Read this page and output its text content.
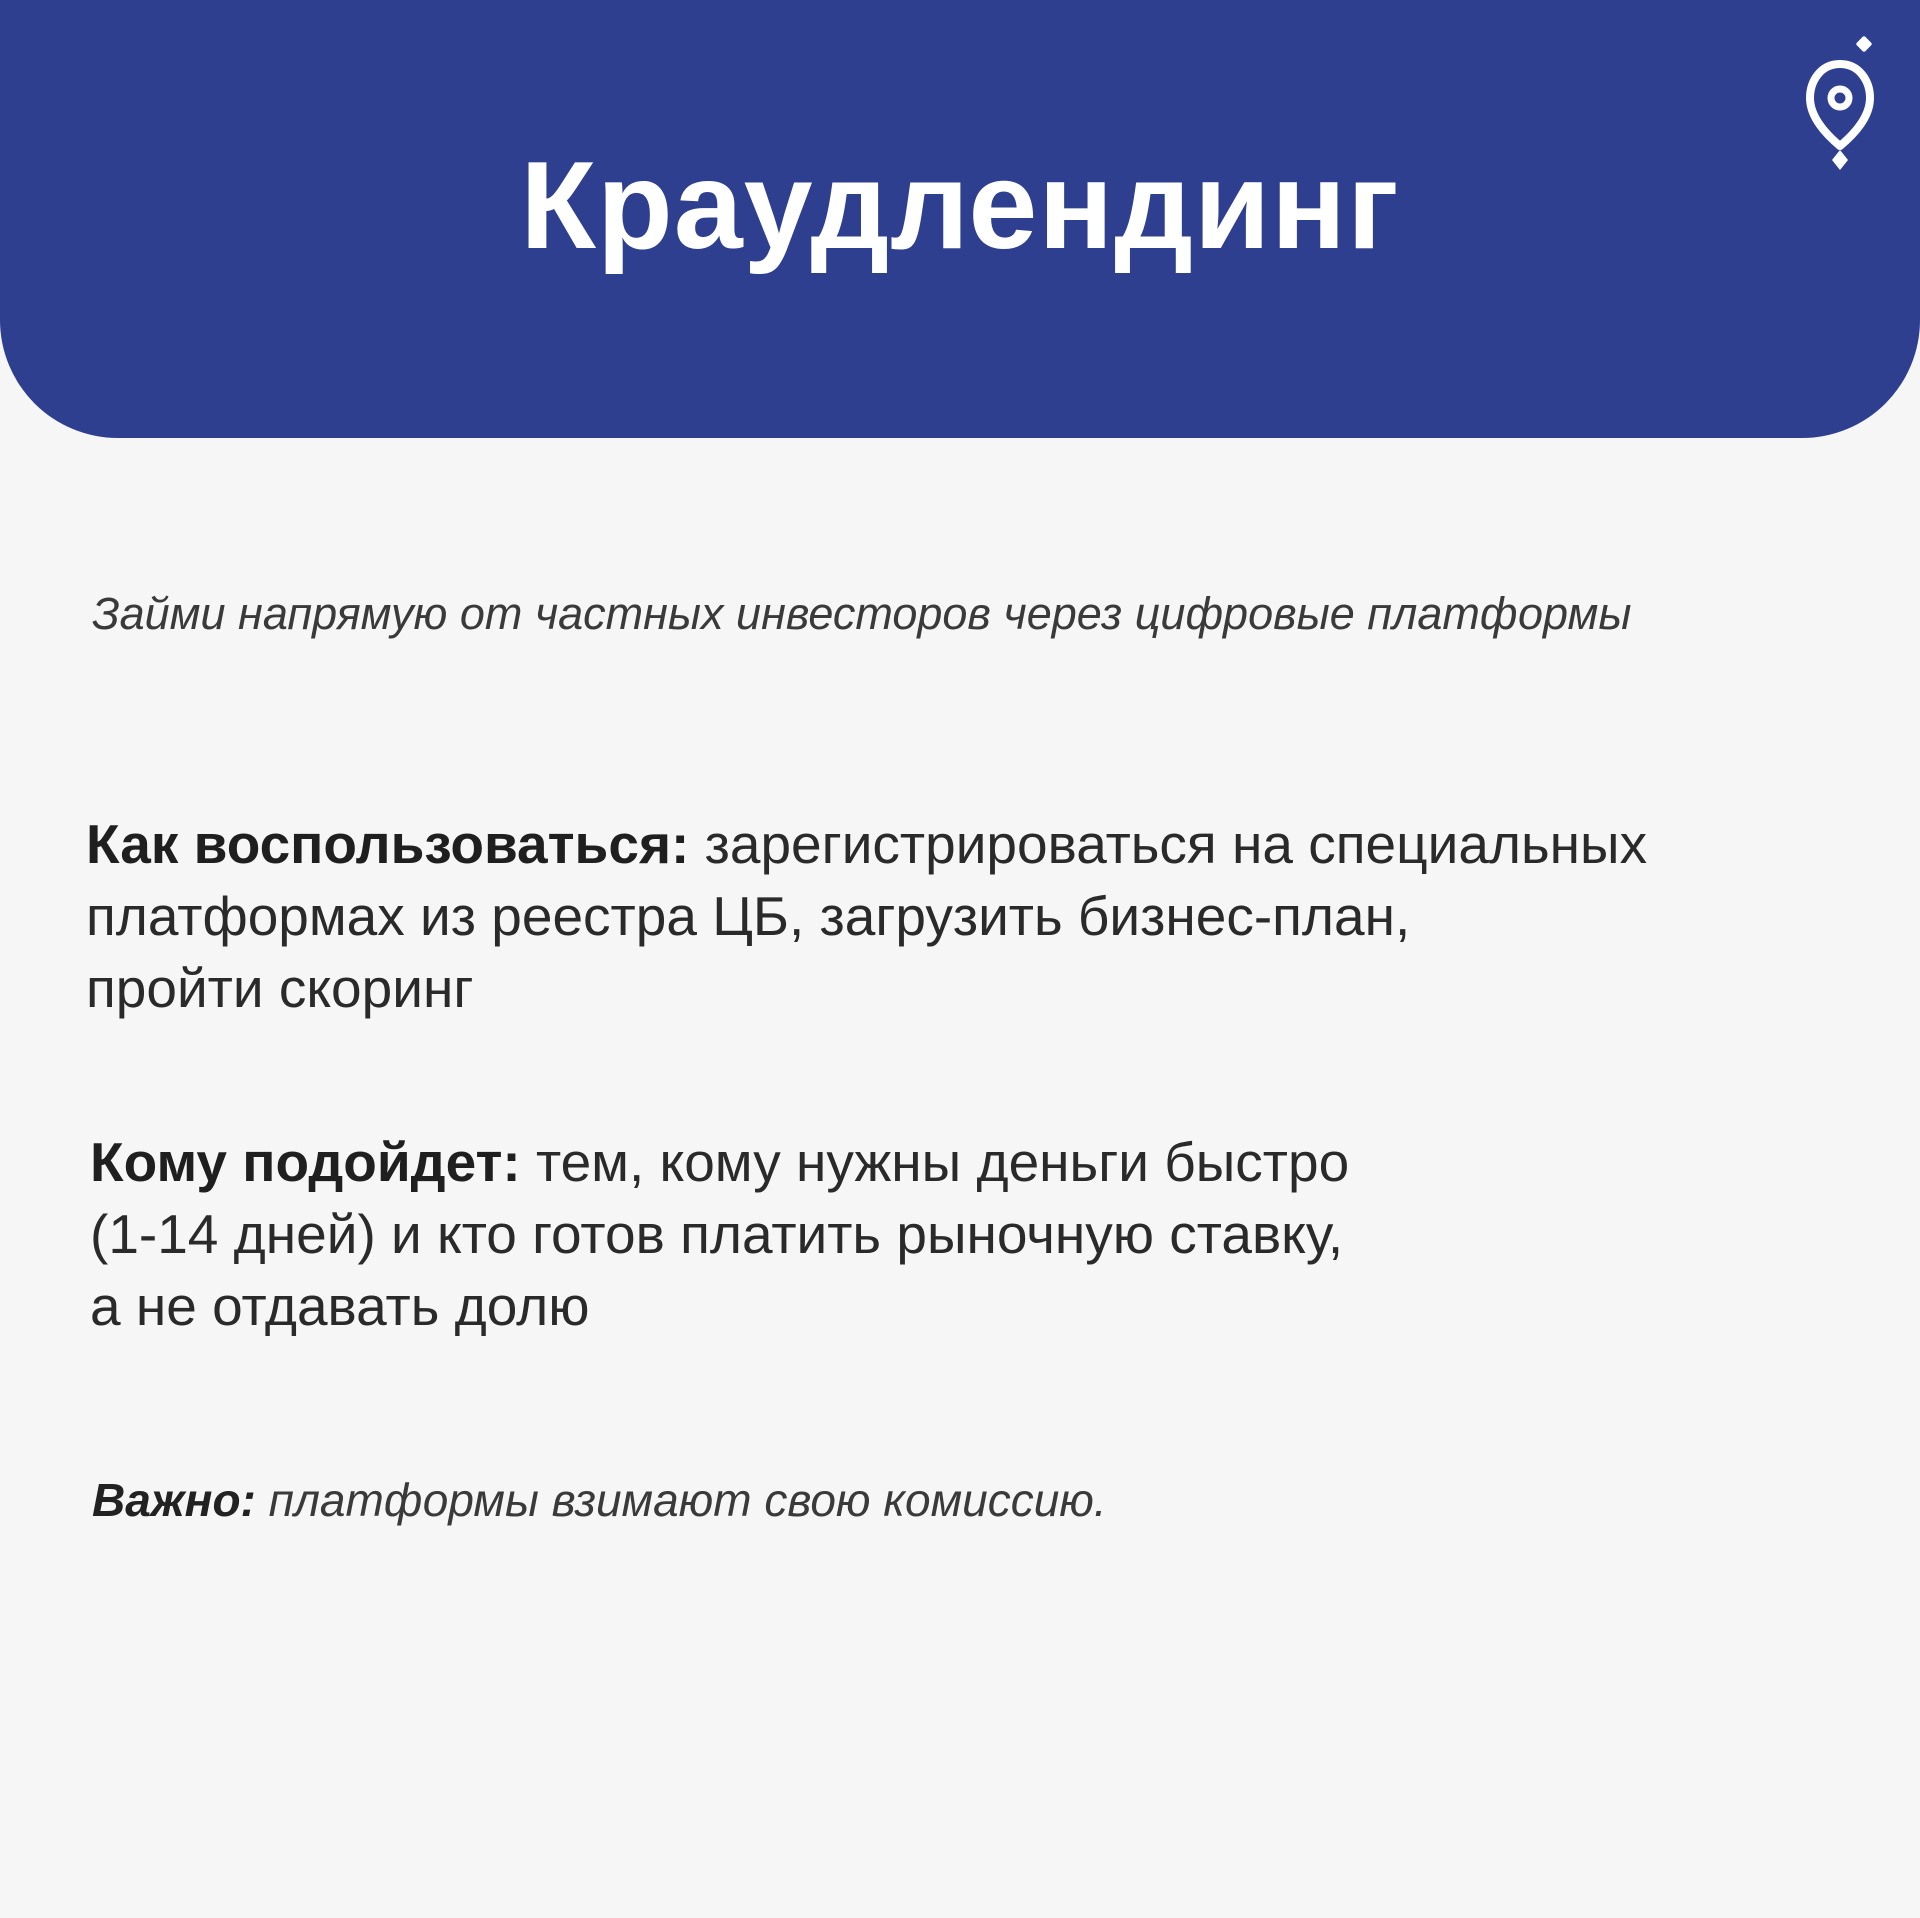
Краудлендинг
Займи напрямую от частных инвесторов через цифровые платформы
Как воспользоваться: зарегистрироваться на специальных
платформах из реестра ЦБ, загрузить бизнес-план,
пройти скоринг
Кому подойдет: тем, кому нужны деньги быстро
(1-14 дней) и кто готов платить рыночную ставку,
а не отдавать долю
Важно: платформы взимают свою комиссию.
